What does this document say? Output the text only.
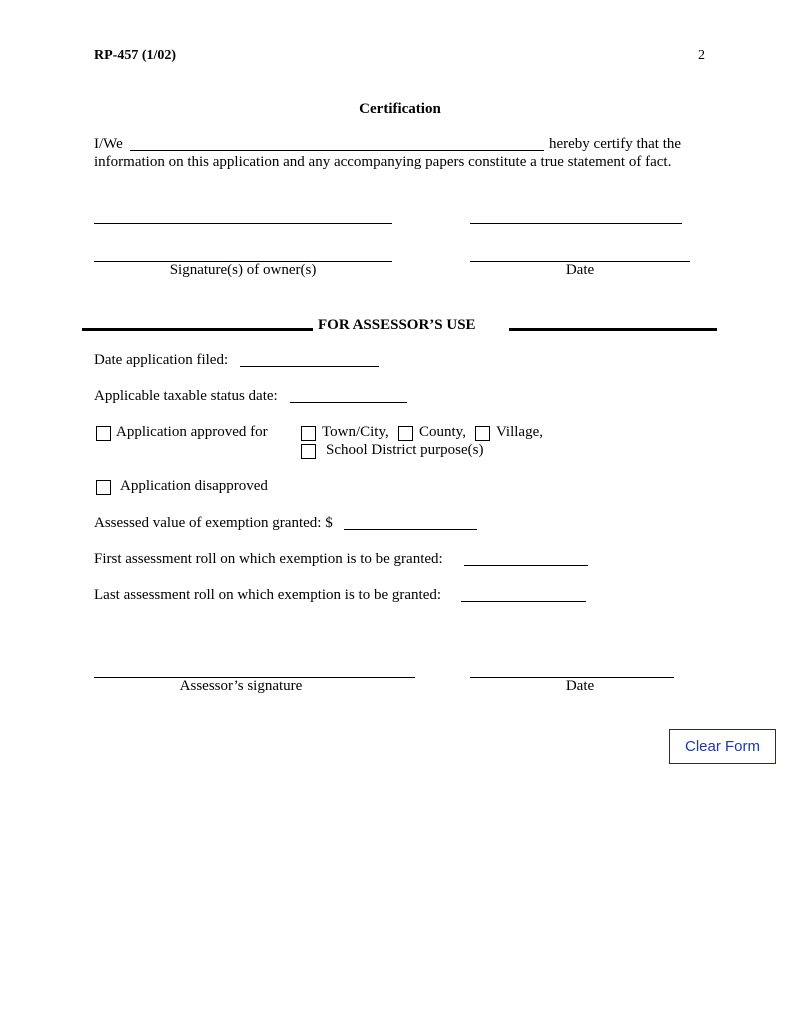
RP-457 (1/02)	2
Certification
I/We	hereby certify that the
information on this application and any accompanying papers constitute a true statement of fact.
Signature(s) of owner(s)	Date
FOR ASSESSOR’S USE
Date application filed:
Applicable taxable status date:
Application approved for	Town/City, County, Village,
School District purpose(s)
Application disapproved
Assessed value of exemption granted: $
First assessment roll on which exemption is to be granted:
Last assessment roll on which exemption is to be granted:
Assessor’s signature	Date
Clear Form
